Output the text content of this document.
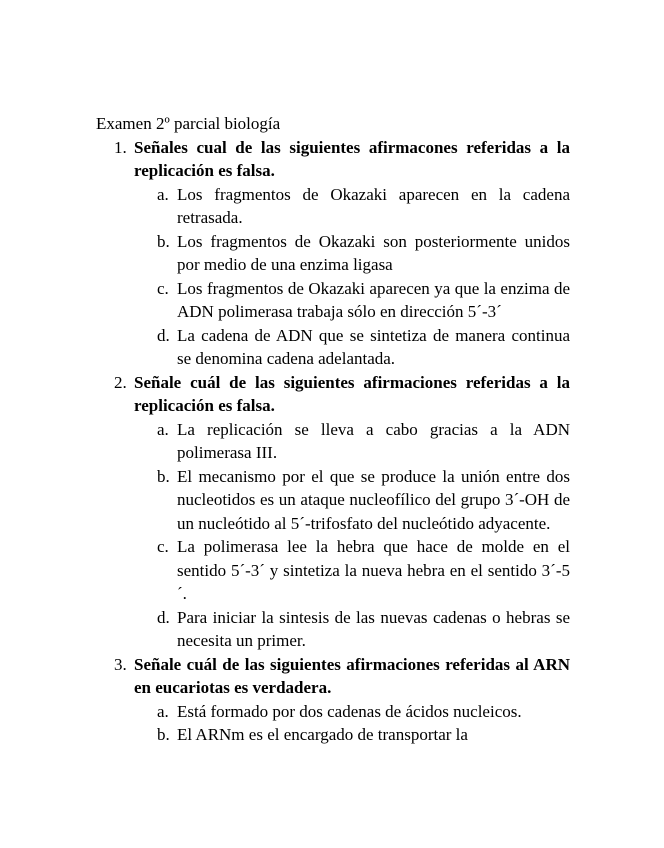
Examen 2º parcial biología

1. Señales cual de las siguientes afirmacones referidas a la replicación es falsa.

a. Los fragmentos de Okazaki aparecen en la cadena retrasada.
b. Los fragmentos de Okazaki son posteriormente unidos por medio de una enzima ligasa
c. Los fragmentos de Okazaki aparecen ya que la enzima de ADN polimerasa trabaja sólo en dirección 5´-3´
d. La cadena de ADN que se sintetiza de manera continua se denomina cadena adelantada.

2. Señale cuál de las siguientes afirmaciones referidas a la replicación es falsa.

a. La replicación se lleva a cabo gracias a la ADN polimerasa III.
b. El mecanismo por el que se produce la unión entre dos nucleotidos es un ataque nucleofílico del grupo 3´-OH de un nucleótido al 5´-trifosfato del nucleótido adyacente.
c. La polimerasa lee la hebra que hace de molde en el sentido 5´-3´ y sintetiza la nueva hebra en el sentido 3´-5´.
d. Para iniciar la sintesis de las nuevas cadenas o hebras se necesita un primer.

3. Señale cuál de las siguientes afirmaciones referidas al ARN en eucariotas es verdadera.

a. Está formado por dos cadenas de ácidos nucleicos.
b. El ARNm es el encargado de transportar la
